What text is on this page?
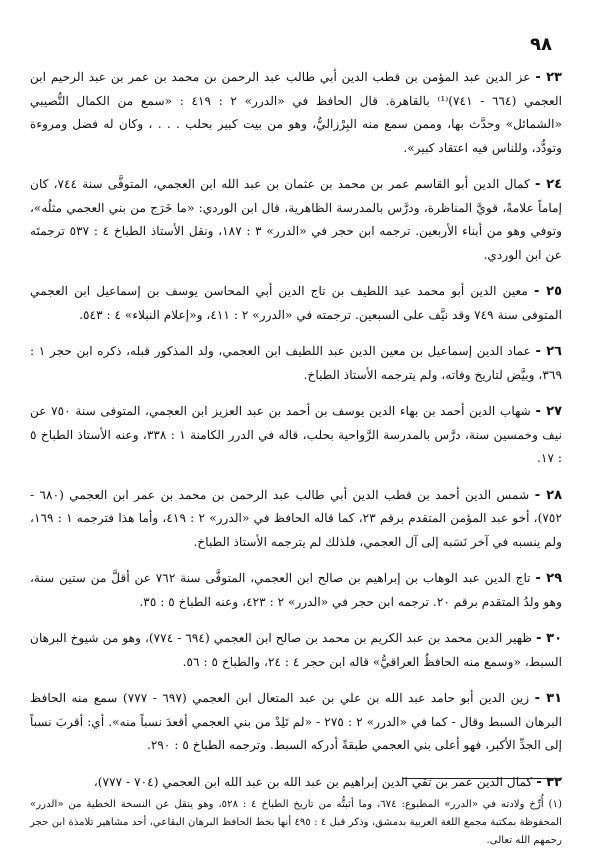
٩٨

٢٣ - عز الدين عبد المؤمن بن قطب الدين أبي طالب عبد الرحمن بن محمد بن عمر بن عبد الرحيم ابن العجمي (٦٦٤ - ٧٤١)⁽¹⁾ بالقاهرة. قال الحافظ في «الدرر» ٢ : ٤١٩ : «سمع من الكمال النُّصيبي «الشمائل» وحدَّث بها، وممن سمع منه البِرْزاليُّ، وهو من بيت كبير بحلب . . . ، وكان له فضل ومروءة وتودُّد، وللناس فيه اعتقاد كبير».

٢٤ - كمال الدين أبو القاسم عمر بن محمد بن عثمان بن عبد الله ابن العجمي، المتوفَّى سنة ٧٤٤، كان إماماً علامةً، قويَّ المناظرة، ودرَّس بالمدرسة الظاهرية، قال ابن الوردي: «ما خَرَج من بني العجمي مثلُه»، وتوفي وهو من أبناء الأربعين. ترجمه ابن حجر في «الدرر» ٣ : ١٨٧، ونقل الأستاذ الطباخ ٤ : ٥٣٧ ترجمتَه عن ابن الوردي.

٢٥ - معين الدين أبو محمد عبد اللطيف بن تاج الدين أبي المحاسن يوسف بن إسماعيل ابن العجمي المتوفى سنة ٧٤٩ وقد نيَّف على السبعين. ترجمته في «الدرر» ٢ : ٤١١، و«إعلام النبلاء» ٤ : ٥٤٣.

٢٦ - عماد الدين إسماعيل بن معين الدين عبد اللطيف ابن العجمي، ولد المذكور قبله، ذكره ابن حجر ١ : ٣٦٩، وبيَّض لتاريخ وفاته، ولم يترجمه الأستاذ الطباخ.

٢٧ - شهاب الدين أحمد بن بهاء الدين يوسف بن أحمد بن عبد العزيز ابن العجمي، المتوفى سنة ٧٥٠ عن نيف وخمسين سنة، درَّس بالمدرسة الرَّواحية بحلب، قاله في الدرر الكامنة ١ : ٣٣٨، وعنه الأستاذ الطباخ ٥ : ١٧.

٢٨ - شمس الدين أحمد بن قطب الدين أبي طالب عبد الرحمن بن محمد بن عمر ابن العجمي (٦٨٠ - ٧٥٢)، أخو عبد المؤمن المتقدم برقم ٢٣، كما قاله الحافظ في «الدرر» ٢ : ٤١٩، وأما هذا فترجمه ١ : ١٦٩، ولم ينسبه في آخر نَسَبه إلى آل العجمي، فلذلك لم يترجمه الأستاذ الطباخ.

٢٩ - تاج الدين عبد الوهاب بن إبراهيم بن صالح ابن العجمي، المتوفَّى سنة ٧٦٢ عن أقلَّ من ستين سنة، وهو ولدُ المتقدم برقم ٢٠. ترجمه ابن حجر في «الدرر» ٢ : ٤٢٣، وعنه الطباخ ٥ : ٣٥.

٣٠ - ظهير الدين محمد بن عبد الكريم بن محمد بن صالح ابن العجمي (٦٩٤ - ٧٧٤)، وهو من شيوخ البرهان السبط، «وسمع منه الحافظُ العراقيُّ» قاله ابن حجر ٤ : ٢٤، والطباخ ٥ : ٥٦.

٣١ - زين الدين أبو حامد عبد الله بن علي بن عبد المتعال ابن العجمي (٦٩٧ - ٧٧٧) سمع منه الحافظ البرهان السبط وقال - كما في «الدرر» ٢ : ٢٧٥ - «لم تَلِدْ من بني العجمي أقعدَ نسباً منه». أي: أقربَ نسباً إلى الجدِّ الأكبر، فهو أعلى بني العجمي طبقةً أدركه السبط. وترجمه الطباخ ٥ : ٢٩٠.

٣٢ - كمال الدين عمر بن تقي الدين إبراهيم بن عبد الله بن عبد الله ابن العجمي (٧٠٤ - ٧٧٧)،

(١) أُرِّخ ولادته في «الدرر» المطبوع: ٦٧٤، وما أثبتُّه من تاريخ الطباخ ٤ : ٥٢٨، وهو ينقل عن النسخة الخطية من «الدرر» المحفوظة بمكتبة مجمع اللغة العربية بدمشق، وذكر قبل ٤ : ٤٩٥ أنها بخط الحافظ البرهان البقاعي، أحد مشاهير تلامذة ابن حجر رحمهم الله تعالى.
